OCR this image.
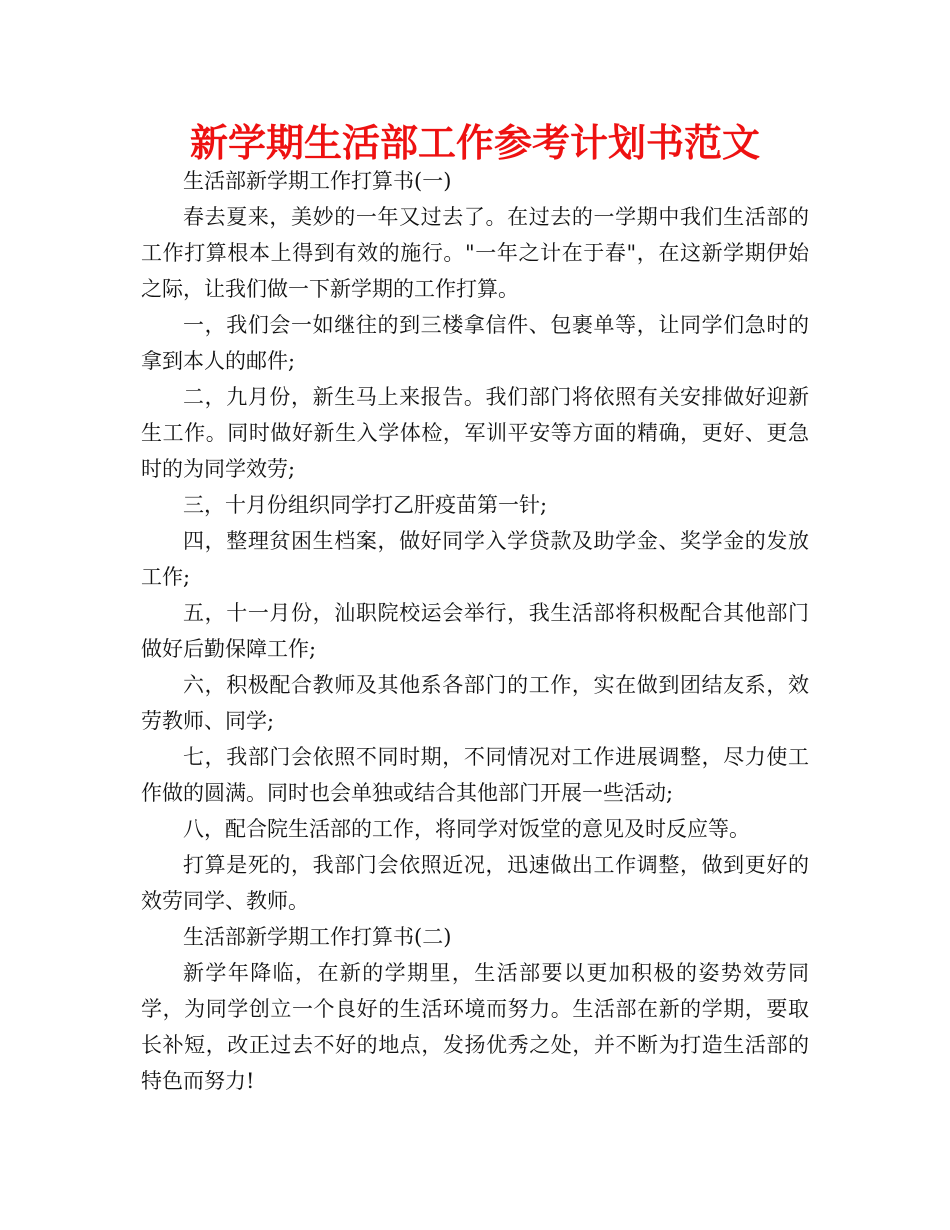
新学期生活部工作参考计划书范文

生活部新学期工作打算书(一)

春去夏来，美妙的一年又过去了。在过去的一学期中我们生活部的工作打算根本上得到有效的施行。"一年之计在于春"，在这新学期伊始之际，让我们做一下新学期的工作打算。

一，我们会一如继往的到三楼拿信件、包裹单等，让同学们急时的拿到本人的邮件;

二，九月份，新生马上来报告。我们部门将依照有关安排做好迎新生工作。同时做好新生入学体检，军训平安等方面的精确，更好、更急时的为同学效劳;

三，十月份组织同学打乙肝疫苗第一针;

四，整理贫困生档案，做好同学入学贷款及助学金、奖学金的发放工作;

五，十一月份，汕职院校运会举行，我生活部将积极配合其他部门做好后勤保障工作;

六，积极配合教师及其他系各部门的工作，实在做到团结友系，效劳教师、同学;

七，我部门会依照不同时期，不同情况对工作进展调整，尽力使工作做的圆满。同时也会单独或结合其他部门开展一些活动;

八，配合院生活部的工作，将同学对饭堂的意见及时反应等。

打算是死的，我部门会依照近况，迅速做出工作调整，做到更好的效劳同学、教师。

生活部新学期工作打算书(二)

新学年降临，在新的学期里，生活部要以更加积极的姿势效劳同学，为同学创立一个良好的生活环境而努力。生活部在新的学期，要取长补短，改正过去不好的地点，发扬优秀之处，并不断为打造生活部的特色而努力!
